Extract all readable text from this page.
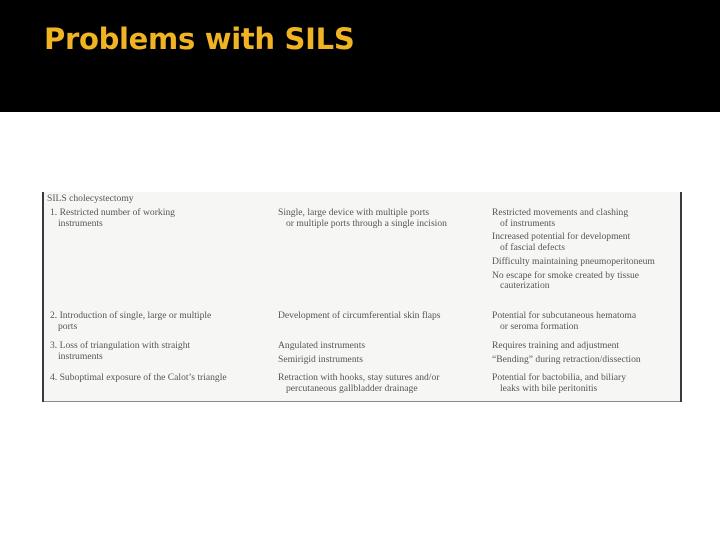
Problems with SILS
SILS cholecystectomy
1. Restricted number of working
instruments
Single, large device with multiple ports
or multiple ports through a single incision
Restricted movements and clashing
of instruments
Increased potential for development
of fascial defects
Difficulty maintaining pneumoperitoneum
No escape for smoke created by tissue
cauterization
2. Introduction of single, large or multiple
ports
Development of circumferential skin flaps	Potential for subcutaneous hematoma
or seroma formation
3. Loss of triangulation with straight
instruments
Angulated instruments
Semirigid instruments
Requires training and adjustment
“Bending” during retraction/dissection
4. Suboptimal exposure of the Calot’s triangle	Retraction with hooks, stay sutures and/or
percutaneous gallbladder drainage
Potential for bactobilia, and biliary
leaks with bile peritonitis
